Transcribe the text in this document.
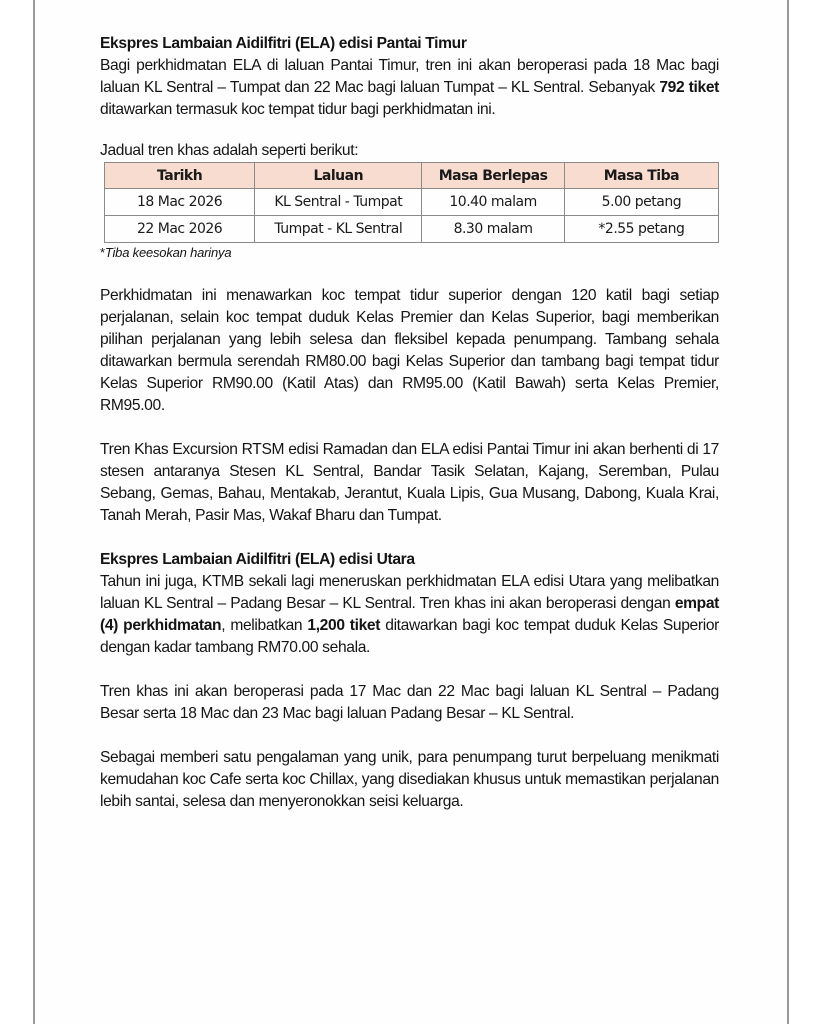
Ekspres Lambaian Aidilfitri (ELA) edisi Pantai Timur

Bagi perkhidmatan ELA di laluan Pantai Timur, tren ini akan beroperasi pada 18 Mac bagi laluan KL Sentral – Tumpat dan 22 Mac bagi laluan Tumpat – KL Sentral. Sebanyak 792 tiket ditawarkan termasuk koc tempat tidur bagi perkhidmatan ini.

Jadual tren khas adalah seperti berikut:

Tarikh	Laluan	Masa Berlepas	Masa Tiba
18 Mac 2026	KL Sentral - Tumpat	10.40 malam	5.00 petang
22 Mac 2026	Tumpat - KL Sentral	8.30 malam	*2.55 petang

*Tiba keesokan harinya

Perkhidmatan ini menawarkan koc tempat tidur superior dengan 120 katil bagi setiap perjalanan, selain koc tempat duduk Kelas Premier dan Kelas Superior, bagi memberikan pilihan perjalanan yang lebih selesa dan fleksibel kepada penumpang. Tambang sehala ditawarkan bermula serendah RM80.00 bagi Kelas Superior dan tambang bagi tempat tidur Kelas Superior RM90.00 (Katil Atas) dan RM95.00 (Katil Bawah) serta Kelas Premier, RM95.00.

Tren Khas Excursion RTSM edisi Ramadan dan ELA edisi Pantai Timur ini akan berhenti di 17 stesen antaranya Stesen KL Sentral, Bandar Tasik Selatan, Kajang, Seremban, Pulau Sebang, Gemas, Bahau, Mentakab, Jerantut, Kuala Lipis, Gua Musang, Dabong, Kuala Krai, Tanah Merah, Pasir Mas, Wakaf Bharu dan Tumpat.

Ekspres Lambaian Aidilfitri (ELA) edisi Utara

Tahun ini juga, KTMB sekali lagi meneruskan perkhidmatan ELA edisi Utara yang melibatkan laluan KL Sentral – Padang Besar – KL Sentral. Tren khas ini akan beroperasi dengan empat (4) perkhidmatan, melibatkan 1,200 tiket ditawarkan bagi koc tempat duduk Kelas Superior dengan kadar tambang RM70.00 sehala.

Tren khas ini akan beroperasi pada 17 Mac dan 22 Mac bagi laluan KL Sentral – Padang Besar serta 18 Mac dan 23 Mac bagi laluan Padang Besar – KL Sentral.

Sebagai memberi satu pengalaman yang unik, para penumpang turut berpeluang menikmati kemudahan koc Cafe serta koc Chillax, yang disediakan khusus untuk memastikan perjalanan lebih santai, selesa dan menyeronokkan seisi keluarga.
